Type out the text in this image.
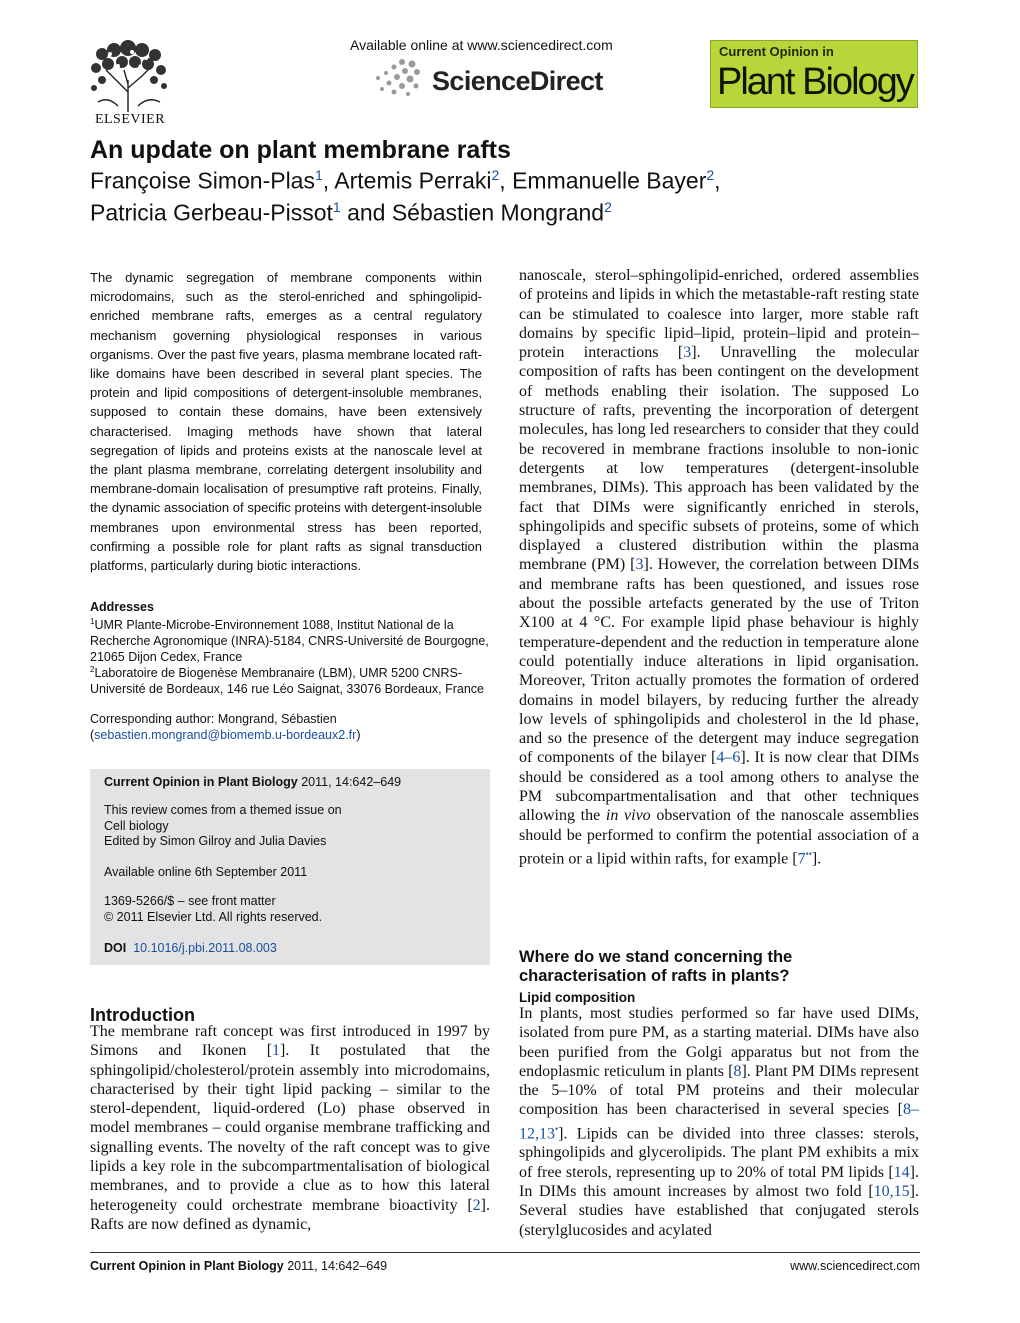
ELSEVIER
Available online at www.sciencedirect.com
ScienceDirect
Current Opinion in
Plant Biology
An update on plant membrane rafts
Françoise Simon-Plas$^1$, Artemis Perraki$^2$, Emmanuelle Bayer$^2$,
Patricia Gerbeau-Pissot$^1$ and Sébastien Mongrand$^2$
The dynamic segregation of membrane components within microdomains, such as the sterol-enriched and sphingolipid-enriched membrane rafts, emerges as a central regulatory mechanism governing physiological responses in various organisms. Over the past five years, plasma membrane located raft-like domains have been described in several plant species. The protein and lipid compositions of detergent-insoluble membranes, supposed to contain these domains, have been extensively characterised. Imaging methods have shown that lateral segregation of lipids and proteins exists at the nanoscale level at the plant plasma membrane, correlating detergent insolubility and membrane-domain localisation of presumptive raft proteins. Finally, the dynamic association of specific proteins with detergent-insoluble membranes upon environmental stress has been reported, confirming a possible role for plant rafts as signal transduction platforms, particularly during biotic interactions.
Addresses
$^1$UMR Plante-Microbe-Environnement 1088, Institut National de la Recherche Agronomique (INRA)-5184, CNRS-Université de Bourgogne, 21065 Dijon Cedex, France
$^2$Laboratoire de Biogenèse Membranaire (LBM), UMR 5200 CNRS-Université de Bordeaux, 146 rue Léo Saignat, 33076 Bordeaux, France
Corresponding author: Mongrand, Sébastien
(sebastien.mongrand@biomemb.u-bordeaux2.fr)
Current Opinion in Plant Biology 2011, 14:642–649
This review comes from a themed issue on
Cell biology
Edited by Simon Gilroy and Julia Davies
Available online 6th September 2011
1369-5266/$ – see front matter
© 2011 Elsevier Ltd. All rights reserved.
DOI 10.1016/j.pbi.2011.08.003
Introduction
The membrane raft concept was first introduced in 1997 by Simons and Ikonen [1]. It postulated that the sphingolipid/cholesterol/protein assembly into microdomains, characterised by their tight lipid packing – similar to the sterol-dependent, liquid-ordered (Lo) phase observed in model membranes – could organise membrane trafficking and signalling events. The novelty of the raft concept was to give lipids a key role in the subcompartmentalisation of biological membranes, and to provide a clue as to how this lateral heterogeneity could orchestrate membrane bioactivity [2]. Rafts are now defined as dynamic,
nanoscale, sterol–sphingolipid-enriched, ordered assemblies of proteins and lipids in which the metastable-raft resting state can be stimulated to coalesce into larger, more stable raft domains by specific lipid–lipid, protein–lipid and protein–protein interactions [3]. Unravelling the molecular composition of rafts has been contingent on the development of methods enabling their isolation. The supposed Lo structure of rafts, preventing the incorporation of detergent molecules, has long led researchers to consider that they could be recovered in membrane fractions insoluble to non-ionic detergents at low temperatures (detergent-insoluble membranes, DIMs). This approach has been validated by the fact that DIMs were significantly enriched in sterols, sphingolipids and specific subsets of proteins, some of which displayed a clustered distribution within the plasma membrane (PM) [3]. However, the correlation between DIMs and membrane rafts has been questioned, and issues rose about the possible artefacts generated by the use of Triton X100 at 4 °C. For example lipid phase behaviour is highly temperature-dependent and the reduction in temperature alone could potentially induce alterations in lipid organisation. Moreover, Triton actually promotes the formation of ordered domains in model bilayers, by reducing further the already low levels of sphingolipids and cholesterol in the ld phase, and so the presence of the detergent may induce segregation of components of the bilayer [4–6]. It is now clear that DIMs should be considered as a tool among others to analyse the PM subcompartmentalisation and that other techniques allowing the in vivo observation of the nanoscale assemblies should be performed to confirm the potential association of a protein or a lipid within rafts, for example [7••].
Where do we stand concerning the characterisation of rafts in plants?
Lipid composition
In plants, most studies performed so far have used DIMs, isolated from pure PM, as a starting material. DIMs have also been purified from the Golgi apparatus but not from the endoplasmic reticulum in plants [8]. Plant PM DIMs represent the 5–10% of total PM proteins and their molecular composition has been characterised in several species [8–12,13•]. Lipids can be divided into three classes: sterols, sphingolipids and glycerolipids. The plant PM exhibits a mix of free sterols, representing up to 20% of total PM lipids [14]. In DIMs this amount increases by almost two fold [10,15]. Several studies have established that conjugated sterols (sterylglucosides and acylated
Current Opinion in Plant Biology 2011, 14:642–649	www.sciencedirect.com
